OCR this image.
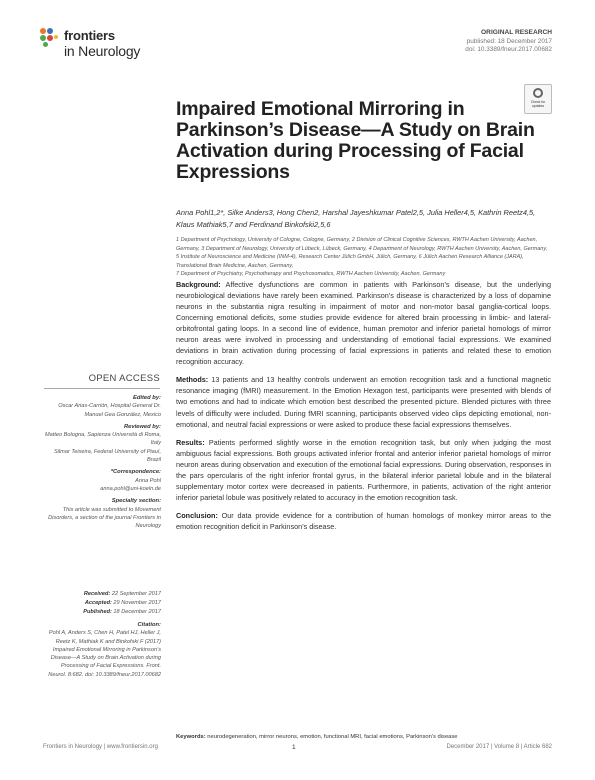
frontiers
in Neurology
ORIGINAL RESEARCH
published: 18 December 2017
doi: 10.3389/fneur.2017.00682
Check for updates
Impaired Emotional Mirroring in Parkinson’s Disease—A Study on Brain Activation during Processing of Facial Expressions
Anna Pohl1,2*, Silke Anders3, Hong Chen2, Harshal Jayeshkumar Patel2,5, Julia Heller4,5, Kathrin Reetz4,5, Klaus Mathiak5,7 and Ferdinand Binkofski2,5,6
1 Department of Psychology, University of Cologne, Cologne, Germany, 2 Division of Clinical Cognitive Sciences, RWTH Aachen University, Aachen, Germany, 3 Department of Neurology, University of Lübeck, Lübeck, Germany, 4 Department of Neurology, RWTH Aachen University, Aachen, Germany, 5 Institute of Neuroscience and Medicine (INM-4), Research Center Jülich GmbH, Jülich, Germany, 6 Jülich Aachen Research Alliance (JARA), Translational Brain Medicine, Aachen, Germany,
7 Department of Psychiatry, Psychotherapy and Psychosomatics, RWTH Aachen University, Aachen, Germany

Background: Affective dysfunctions are common in patients with Parkinson’s disease, but the underlying neurobiological deviations have rarely been examined. Parkinson’s disease is characterized by a loss of dopamine neurons in the substantia nigra resulting in impairment of motor and non-motor basal ganglia-cortical loops. Concerning emotional deficits, some studies provide evidence for altered brain processing in limbic- and lateral-orbitofrontal gating loops. In a second line of evidence, human premotor and inferior parietal homologs of mirror neuron areas were involved in processing and understanding of emotional facial expressions. We examined deviations in brain activation during processing of facial expressions in patients and related these to emotion recognition accuracy.

Methods: 13 patients and 13 healthy controls underwent an emotion recognition task and a functional magnetic resonance imaging (fMRI) measurement. In the Emotion Hexagon test, participants were presented with blends of two emotions and had to indicate which emotion best described the presented picture. Blended pictures with three levels of difficulty were included. During fMRI scanning, participants observed video clips depicting emotional, non-emotional, and neutral facial expressions or were asked to produce these facial expressions themselves.

Results: Patients performed slightly worse in the emotion recognition task, but only when judging the most ambiguous facial expressions. Both groups activated inferior frontal and anterior inferior parietal homologs of mirror neuron areas during observation and execution of the emotional facial expressions. During observation, responses in the pars opercularis of the right inferior frontal gyrus, in the bilateral inferior parietal lobule and in the bilateral supplementary motor cortex were decreased in patients. Furthermore, in patients, activation of the right anterior inferior parietal lobule was positively related to accuracy in the emotion recognition task.

Conclusion: Our data provide evidence for a contribution of human homologs of monkey mirror areas to the emotion recognition deficit in Parkinson’s disease.

Keywords: neurodegeneration, mirror neurons, emotion, functional MRI, facial emotions, Parkinson’s disease
OPEN ACCESS
Edited by:
Oscar Arias-Carrión, Hospital General Dr. Manuel Gea González, Mexico
Reviewed by:
Matteo Bologna, Sapienza Università di Roma, Italy
Silmar Teixeira, Federal University of Piauí, Brazil
*Correspondence:
Anna Pohl
anna.pohl@uni-koeln.de
Specialty section:
This article was submitted to Movement Disorders, a section of the journal Frontiers in Neurology
Received: 22 September 2017
Accepted: 29 November 2017
Published: 18 December 2017
Citation:
Pohl A, Anders S, Chen H, Patel HJ, Heller J, Reetz K, Mathiak K and Binkofski F (2017) Impaired Emotional Mirroring in Parkinson’s Disease—A Study on Brain Activation during Processing of Facial Expressions. Front. Neurol. 8:682. doi: 10.3389/fneur.2017.00682
Frontiers in Neurology | www.frontiersin.org	1	December 2017 | Volume 8 | Article 682
